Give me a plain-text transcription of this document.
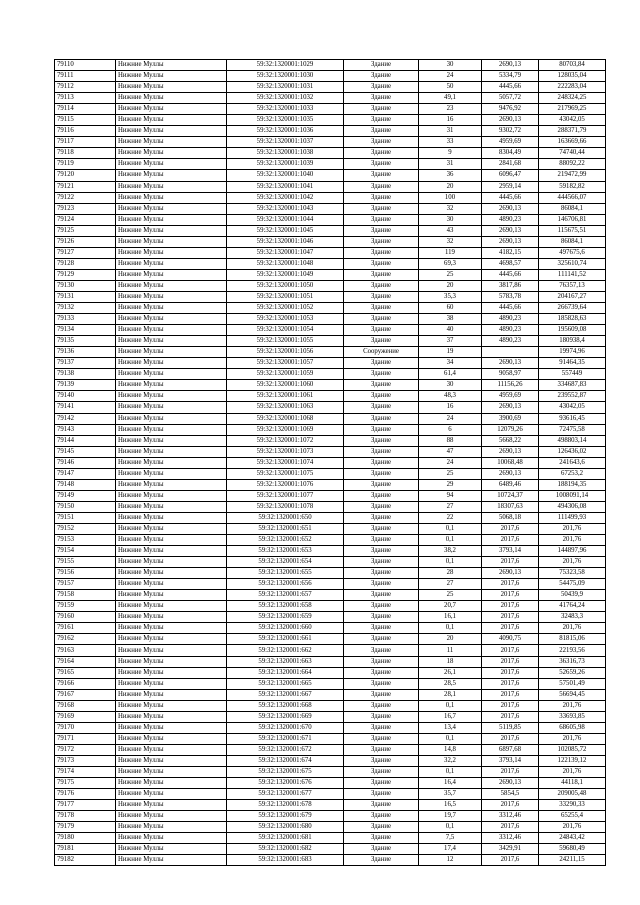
79110	Нижние Муллы	59:32:1320001:1029	Здание	30	2690,13	80703,84
79111	Нижние Муллы	59:32:1320001:1030	Здание	24	5334,79	128035,04
79112	Нижние Муллы	59:32:1320001:1031	Здание	50	4445,66	222283,04
79113	Нижние Муллы	59:32:1320001:1032	Здание	49,1	5057,72	248324,25
79114	Нижние Муллы	59:32:1320001:1033	Здание	23	9476,92	217969,25
79115	Нижние Муллы	59:32:1320001:1035	Здание	16	2690,13	43042,05
79116	Нижние Муллы	59:32:1320001:1036	Здание	31	9302,72	288371,79
79117	Нижние Муллы	59:32:1320001:1037	Здание	33	4959,69	163669,66
79118	Нижние Муллы	59:32:1320001:1038	Здание	9	8304,49	74740,44
79119	Нижние Муллы	59:32:1320001:1039	Здание	31	2841,68	88092,22
79120	Нижние Муллы	59:32:1320001:1040	Здание	36	6096,47	219472,99
79121	Нижние Муллы	59:32:1320001:1041	Здание	20	2959,14	59182,82
79122	Нижние Муллы	59:32:1320001:1042	Здание	100	4445,66	444566,07
79123	Нижние Муллы	59:32:1320001:1043	Здание	32	2690,13	86084,1
79124	Нижние Муллы	59:32:1320001:1044	Здание	30	4890,23	146706,81
79125	Нижние Муллы	59:32:1320001:1045	Здание	43	2690,13	115675,51
79126	Нижние Муллы	59:32:1320001:1046	Здание	32	2690,13	86084,1
79127	Нижние Муллы	59:32:1320001:1047	Здание	119	4182,15	497675,6
79128	Нижние Муллы	59:32:1320001:1048	Здание	69,3	4698,57	325610,74
79129	Нижние Муллы	59:32:1320001:1049	Здание	25	4445,66	111141,52
79130	Нижние Муллы	59:32:1320001:1050	Здание	20	3817,86	76357,13
79131	Нижние Муллы	59:32:1320001:1051	Здание	35,3	5783,78	204167,27
79132	Нижние Муллы	59:32:1320001:1052	Здание	60	4445,66	266739,64
79133	Нижние Муллы	59:32:1320001:1053	Здание	38	4890,23	185828,63
79134	Нижние Муллы	59:32:1320001:1054	Здание	40	4890,23	195609,08
79135	Нижние Муллы	59:32:1320001:1055	Здание	37	4890,23	180938,4
79136	Нижние Муллы	59:32:1320001:1056	Сооружение	19		19974,96
79137	Нижние Муллы	59:32:1320001:1057	Здание	34	2690,13	91464,35
79138	Нижние Муллы	59:32:1320001:1059	Здание	61,4	9058,97	557449
79139	Нижние Муллы	59:32:1320001:1060	Здание	30	11156,26	334687,83
79140	Нижние Муллы	59:32:1320001:1061	Здание	48,3	4959,69	239552,87
79141	Нижние Муллы	59:32:1320001:1063	Здание	16	2690,13	43042,05
79142	Нижние Муллы	59:32:1320001:1068	Здание	24	3900,69	93616,45
79143	Нижние Муллы	59:32:1320001:1069	Здание	6	12079,26	72475,58
79144	Нижние Муллы	59:32:1320001:1072	Здание	88	5668,22	498803,14
79145	Нижние Муллы	59:32:1320001:1073	Здание	47	2690,13	126436,02
79146	Нижние Муллы	59:32:1320001:1074	Здание	24	10068,48	241643,6
79147	Нижние Муллы	59:32:1320001:1075	Здание	25	2690,13	67253,2
79148	Нижние Муллы	59:32:1320001:1076	Здание	29	6489,46	188194,35
79149	Нижние Муллы	59:32:1320001:1077	Здание	94	10724,37	1008091,14
79150	Нижние Муллы	59:32:1320001:1078	Здание	27	18307,63	494306,08
79151	Нижние Муллы	59:32:1320001:650	Здание	22	5068,18	111499,93
79152	Нижние Муллы	59:32:1320001:651	Здание	0,1	2017,6	201,76
79153	Нижние Муллы	59:32:1320001:652	Здание	0,1	2017,6	201,76
79154	Нижние Муллы	59:32:1320001:653	Здание	38,2	3793,14	144897,96
79155	Нижние Муллы	59:32:1320001:654	Здание	0,1	2017,6	201,76
79156	Нижние Муллы	59:32:1320001:655	Здание	28	2690,13	75323,58
79157	Нижние Муллы	59:32:1320001:656	Здание	27	2017,6	54475,09
79158	Нижние Муллы	59:32:1320001:657	Здание	25	2017,6	50439,9
79159	Нижние Муллы	59:32:1320001:658	Здание	20,7	2017,6	41764,24
79160	Нижние Муллы	59:32:1320001:659	Здание	16,1	2017,6	32483,3
79161	Нижние Муллы	59:32:1320001:660	Здание	0,1	2017,6	201,76
79162	Нижние Муллы	59:32:1320001:661	Здание	20	4090,75	81815,06
79163	Нижние Муллы	59:32:1320001:662	Здание	11	2017,6	22193,56
79164	Нижние Муллы	59:32:1320001:663	Здание	18	2017,6	36316,73
79165	Нижние Муллы	59:32:1320001:664	Здание	26,1	2017,6	52659,26
79166	Нижние Муллы	59:32:1320001:665	Здание	28,5	2017,6	57501,49
79167	Нижние Муллы	59:32:1320001:667	Здание	28,1	2017,6	56694,45
79168	Нижние Муллы	59:32:1320001:668	Здание	0,1	2017,6	201,76
79169	Нижние Муллы	59:32:1320001:669	Здание	16,7	2017,6	33693,85
79170	Нижние Муллы	59:32:1320001:670	Здание	13,4	5119,85	68605,98
79171	Нижние Муллы	59:32:1320001:671	Здание	0,1	2017,6	201,76
79172	Нижние Муллы	59:32:1320001:672	Здание	14,8	6897,68	102085,72
79173	Нижние Муллы	59:32:1320001:674	Здание	32,2	3793,14	122139,12
79174	Нижние Муллы	59:32:1320001:675	Здание	0,1	2017,6	201,76
79175	Нижние Муллы	59:32:1320001:676	Здание	16,4	2690,13	44118,1
79176	Нижние Муллы	59:32:1320001:677	Здание	35,7	5854,5	209005,48
79177	Нижние Муллы	59:32:1320001:678	Здание	16,5	2017,6	33290,33
79178	Нижние Муллы	59:32:1320001:679	Здание	19,7	3312,46	65255,4
79179	Нижние Муллы	59:32:1320001:680	Здание	0,1	2017,6	201,76
79180	Нижние Муллы	59:32:1320001:681	Здание	7,5	3312,46	24843,42
79181	Нижние Муллы	59:32:1320001:682	Здание	17,4	3429,91	59680,49
79182	Нижние Муллы	59:32:1320001:683	Здание	12	2017,6	24211,15
